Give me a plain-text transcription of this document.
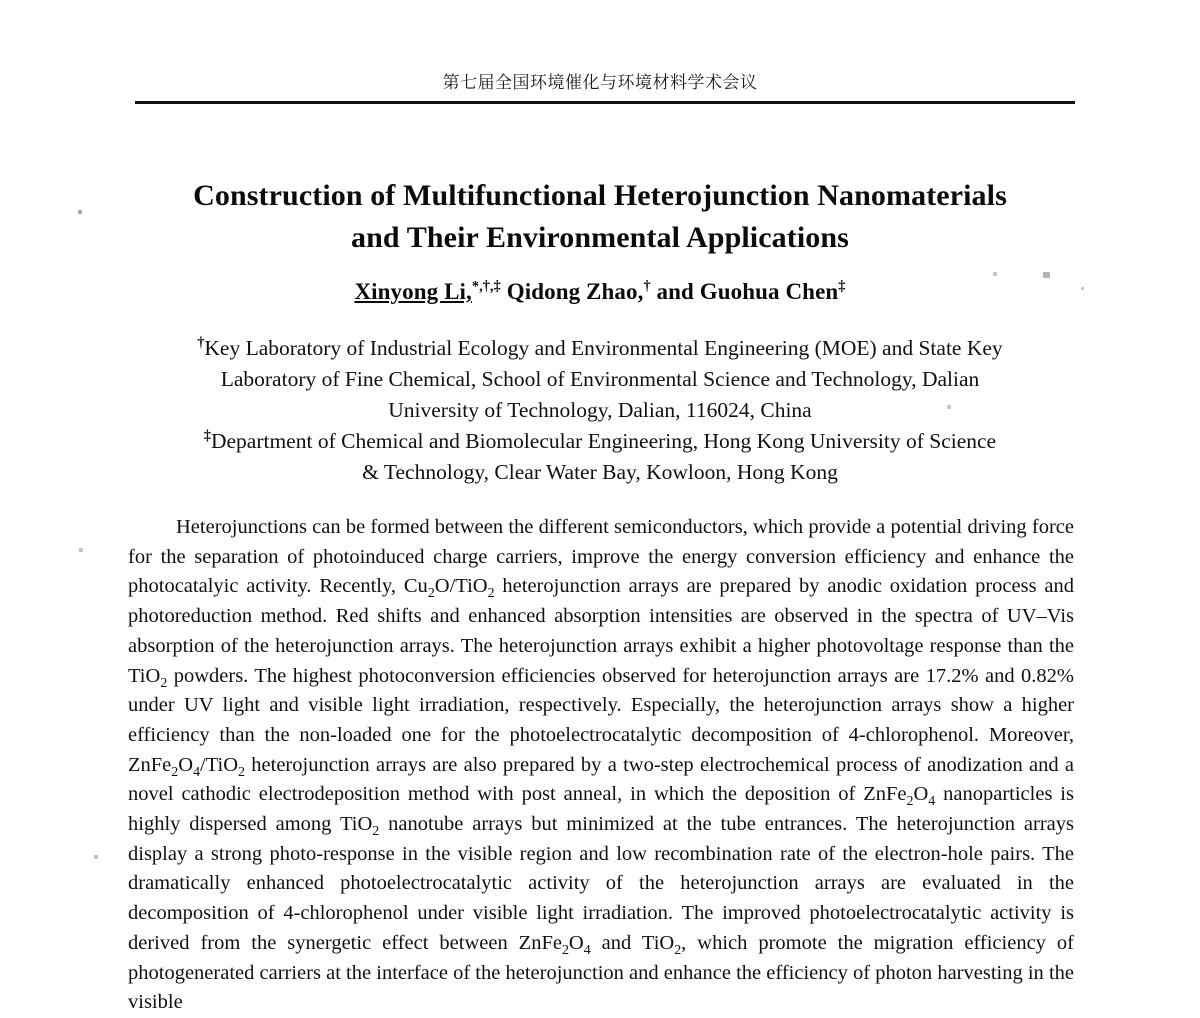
第七届全国环境催化与环境材料学术会议
Construction of Multifunctional Heterojunction Nanomaterials
and Their Environmental Applications
Xinyong Li,*,†,‡ Qidong Zhao,† and Guohua Chen‡
†Key Laboratory of Industrial Ecology and Environmental Engineering (MOE) and State Key
Laboratory of Fine Chemical, School of Environmental Science and Technology, Dalian
University of Technology, Dalian, 116024, China
‡Department of Chemical and Biomolecular Engineering, Hong Kong University of Science
& Technology, Clear Water Bay, Kowloon, Hong Kong

Heterojunctions can be formed between the different semiconductors, which provide a potential driving force for the separation of photoinduced charge carriers, improve the energy conversion efficiency and enhance the photocatalyic activity. Recently, $Cu_2O/TiO_2$ heterojunction arrays are prepared by anodic oxidation process and photoreduction method. Red shifts and enhanced absorption intensities are observed in the spectra of UV–Vis absorption of the heterojunction arrays. The heterojunction arrays exhibit a higher photovoltage response than the TiO$_2$ powders. The highest photoconversion efficiencies observed for heterojunction arrays are 17.2% and 0.82% under UV light and visible light irradiation, respectively. Especially, the heterojunction arrays show a higher efficiency than the non-loaded one for the photoelectrocatalytic decomposition of 4-chlorophenol. Moreover, $ZnFe_2O_4/TiO_2$ heterojunction arrays are also prepared by a two-step electrochemical process of anodization and a novel cathodic electrodeposition method with post anneal, in which the deposition of $ZnFe_2O_4$ nanoparticles is highly dispersed among TiO$_2$ nanotube arrays but minimized at the tube entrances. The heterojunction arrays display a strong photo-response in the visible region and low recombination rate of the electron-hole pairs. The dramatically enhanced photoelectrocatalytic activity of the heterojunction arrays are evaluated in the decomposition of 4-chlorophenol under visible light irradiation. The improved photoelectrocatalytic activity is derived from the synergetic effect between $ZnFe_2O_4$ and TiO$_2$, which promote the migration efficiency of photogenerated carriers at the interface of the heterojunction and enhance the efficiency of photon harvesting in the visible
